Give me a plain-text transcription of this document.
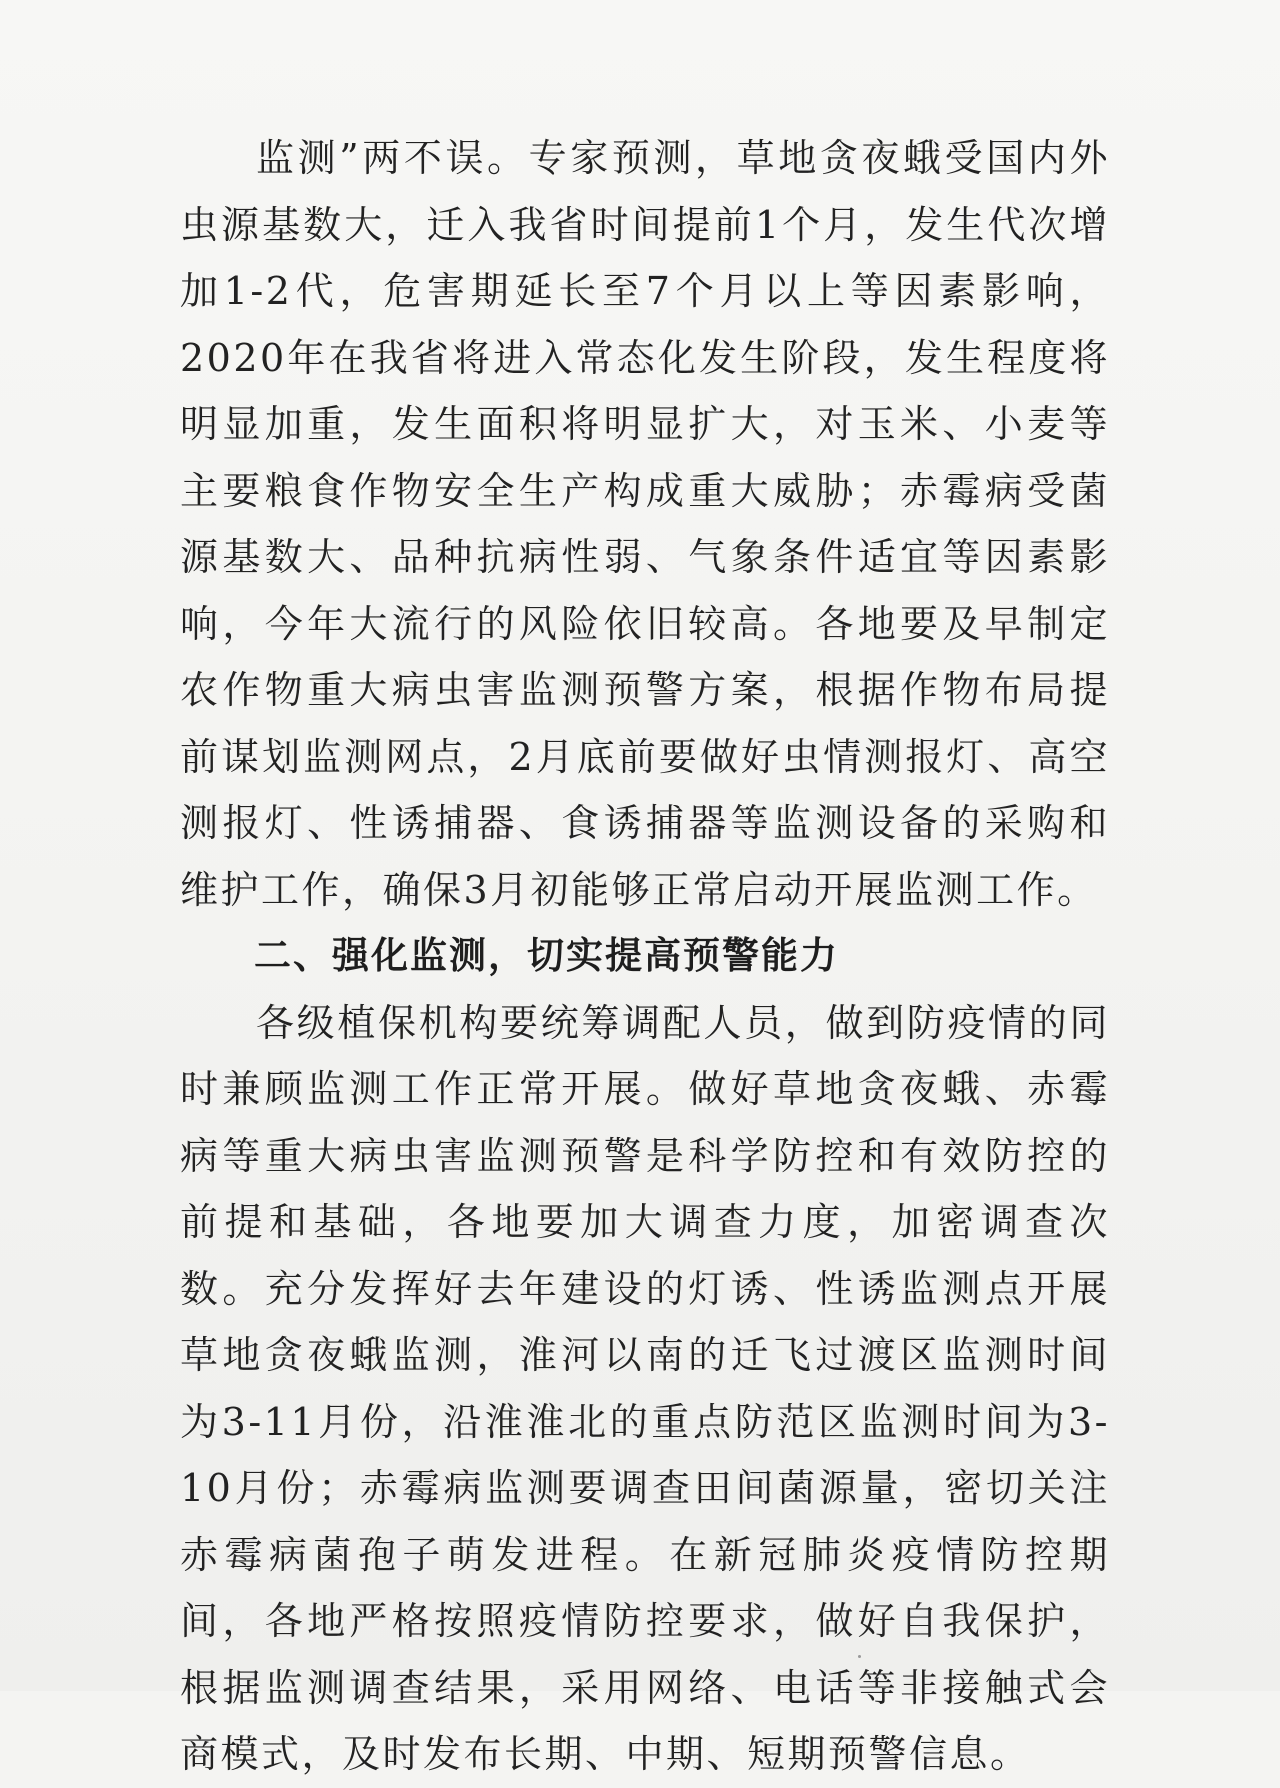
监测”两不误。专家预测，草地贪夜蛾受国内外虫源基数大，迁入我省时间提前1个月，发生代次增加1-2代，危害期延长至7个月以上等因素影响，2020年在我省将进入常态化发生阶段，发生程度将明显加重，发生面积将明显扩大，对玉米、小麦等主要粮食作物安全生产构成重大威胁；赤霉病受菌源基数大、品种抗病性弱、气象条件适宜等因素影响，今年大流行的风险依旧较高。各地要及早制定农作物重大病虫害监测预警方案，根据作物布局提前谋划监测网点，2月底前要做好虫情测报灯、高空测报灯、性诱捕器、食诱捕器等监测设备的采购和维护工作，确保3月初能够正常启动开展监测工作。

二、强化监测，切实提高预警能力

各级植保机构要统筹调配人员，做到防疫情的同时兼顾监测工作正常开展。做好草地贪夜蛾、赤霉病等重大病虫害监测预警是科学防控和有效防控的前提和基础，各地要加大调查力度，加密调查次数。充分发挥好去年建设的灯诱、性诱监测点开展草地贪夜蛾监测，淮河以南的迁飞过渡区监测时间为3-11月份，沿淮淮北的重点防范区监测时间为3-10月份；赤霉病监测要调查田间菌源量，密切关注赤霉病菌孢子萌发进程。在新冠肺炎疫情防控期间，各地严格按照疫情防控要求，做好自我保护，根据监测调查结果，采用网络、电话等非接触式会商模式，及时发布长期、中期、短期预警信息。
